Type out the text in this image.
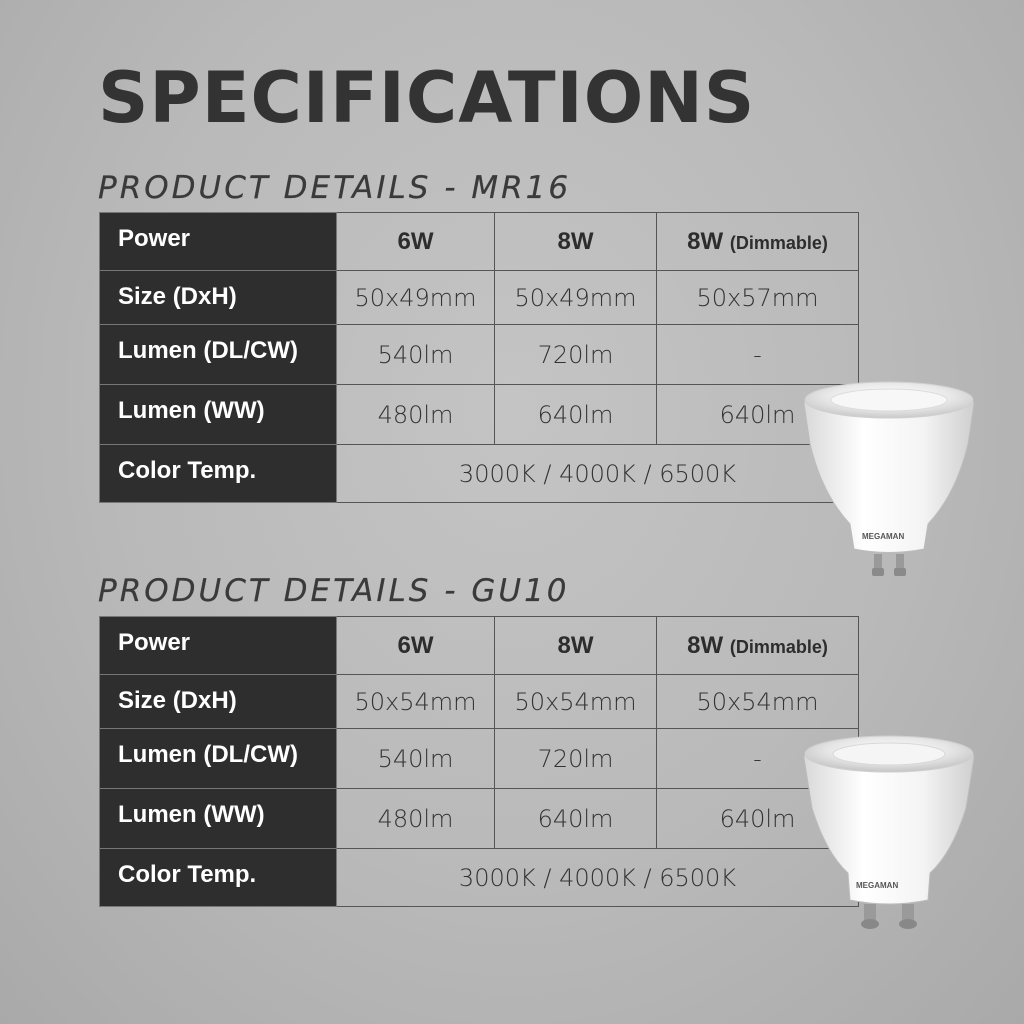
SPECIFICATIONS
PRODUCT DETAILS - MR16
Power	6W	8W	8W (Dimmable)
Size (DxH)	50x49mm	50x49mm	50x57mm
Lumen (DL/CW)	540lm	720lm	-
Lumen (WW)	480lm	640lm	640lm
Color Temp.	3000K / 4000K / 6500K		
PRODUCT DETAILS - GU10
Power	6W	8W	8W (Dimmable)
Size (DxH)	50x54mm	50x54mm	50x54mm
Lumen (DL/CW)	540lm	720lm	-
Lumen (WW)	480lm	640lm	640lm
Color Temp.	3000K / 4000K / 6500K		
MEGAMAN
MEGAMAN
